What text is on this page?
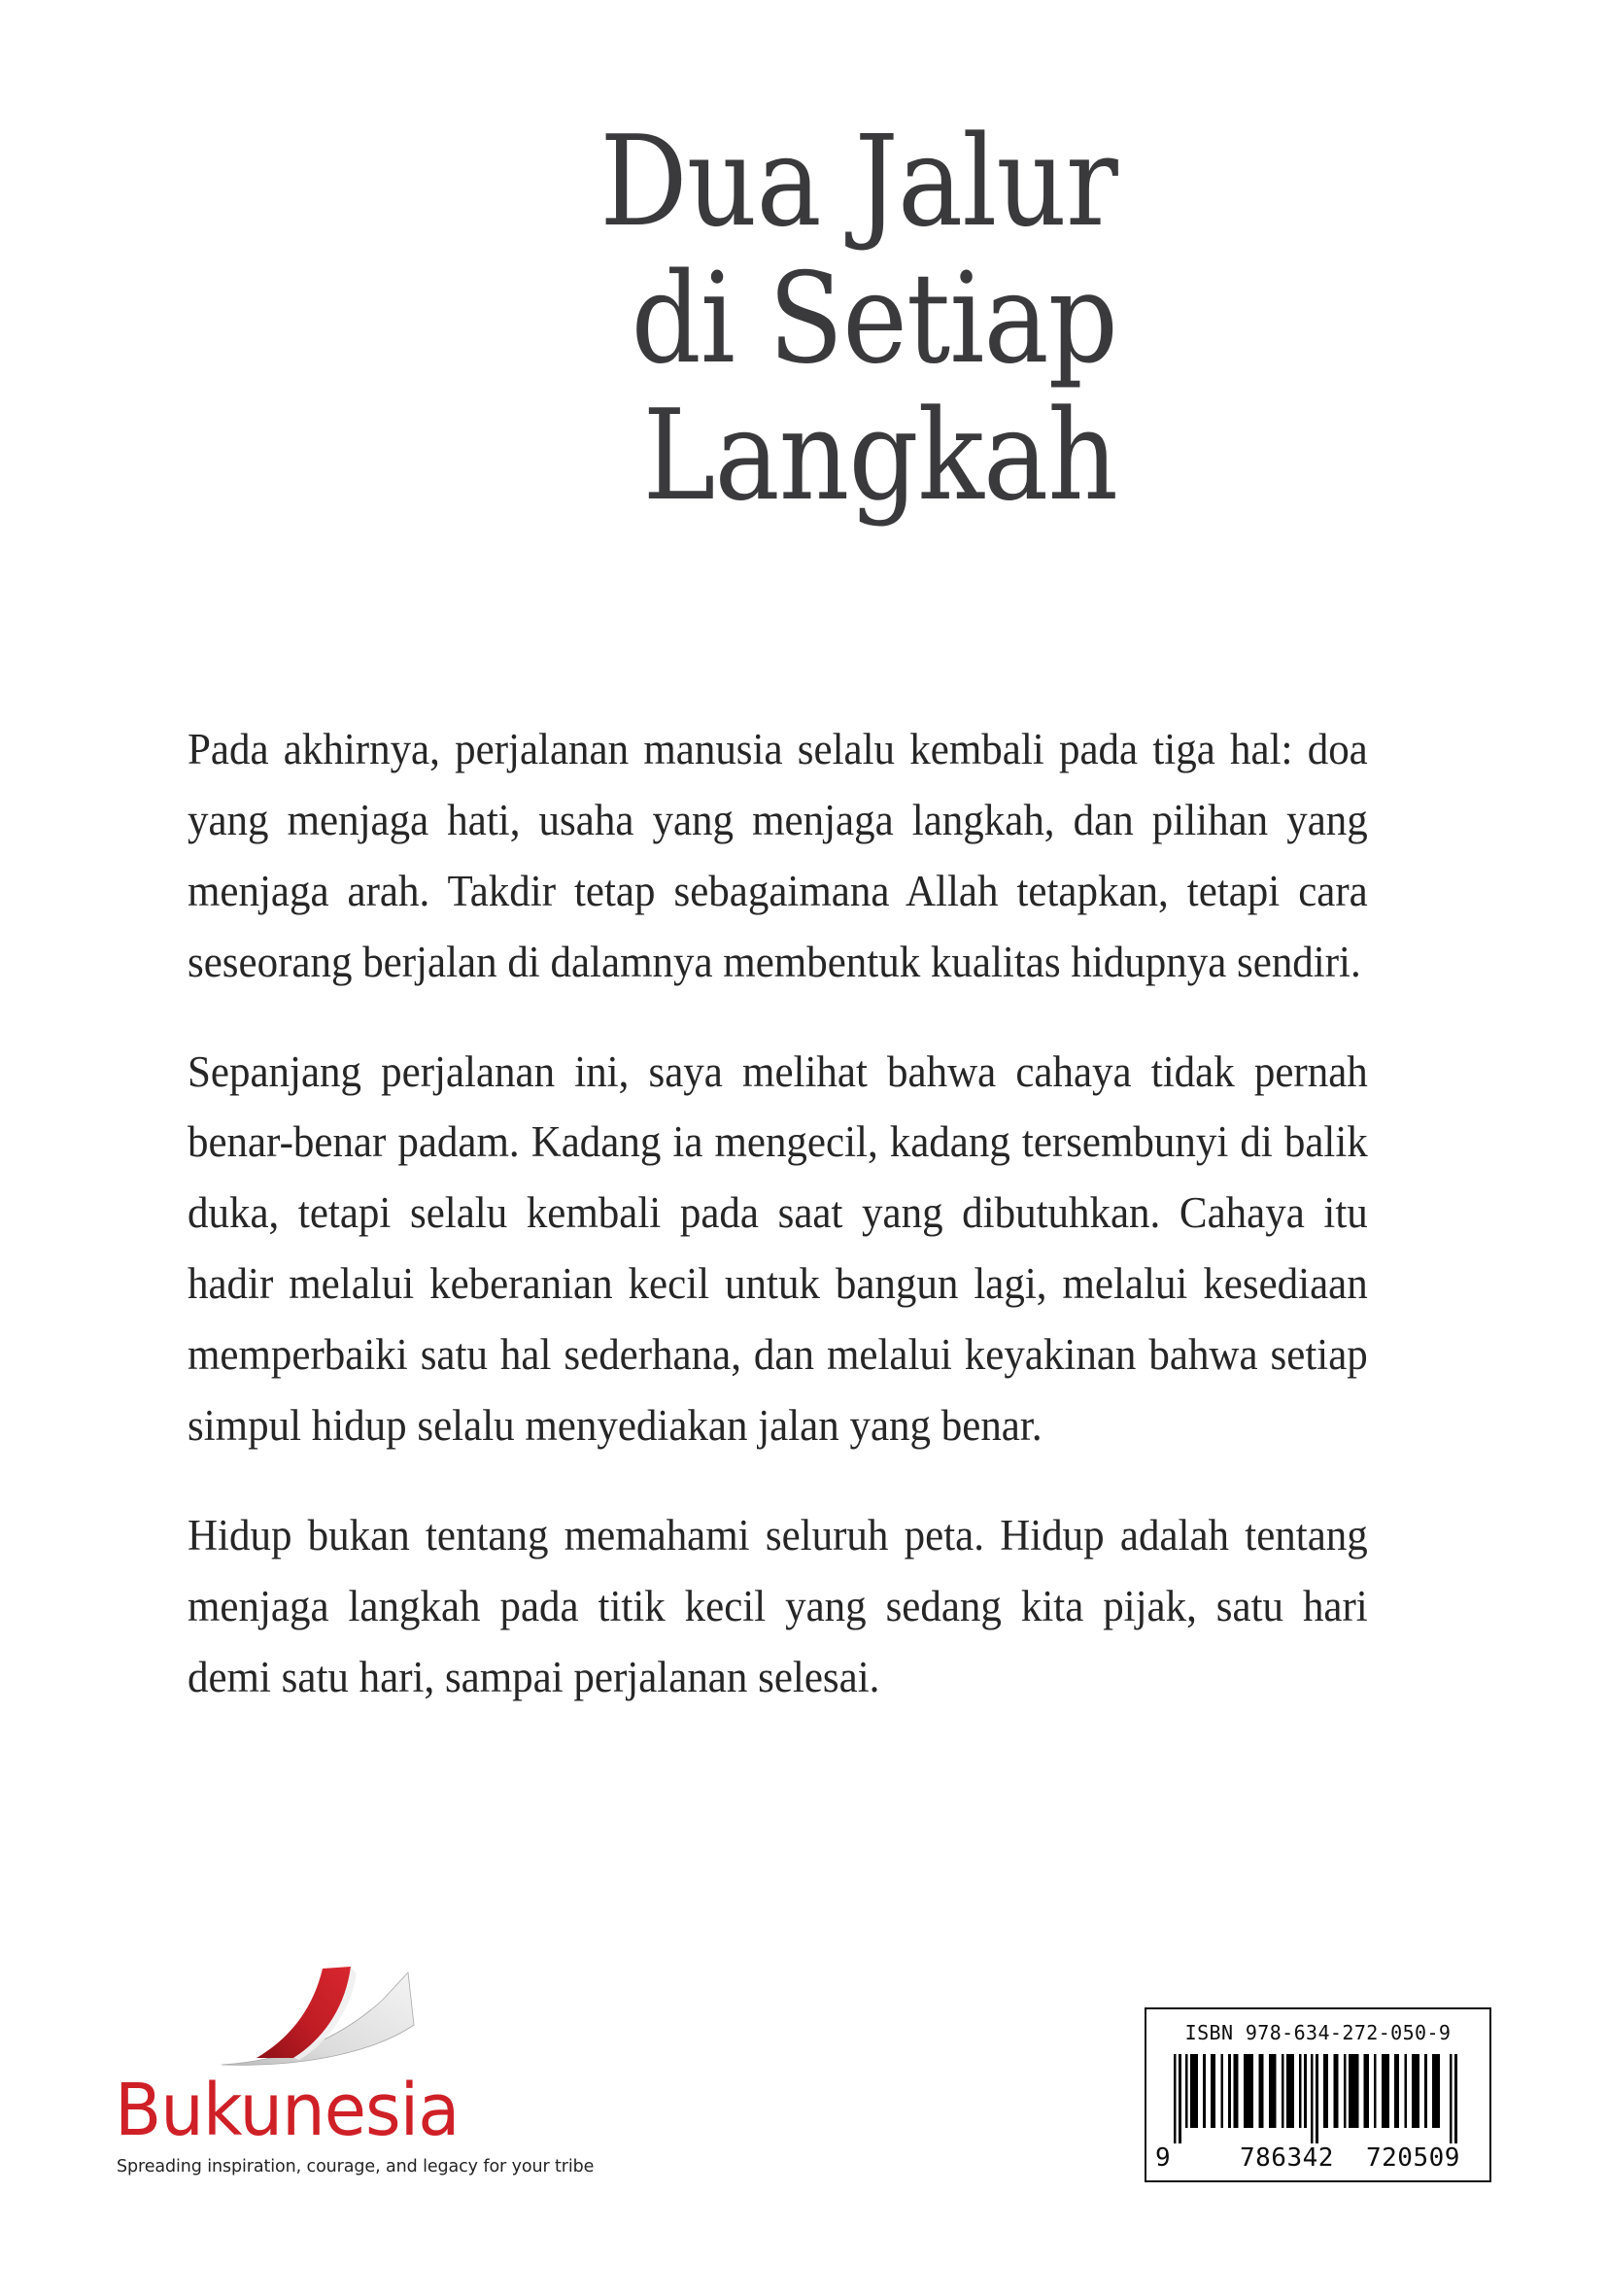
Dua Jalur
di Setiap
Langkah

Pada akhirnya, perjalanan manusia selalu kembali pada tiga hal: doa yang menjaga hati, usaha yang menjaga langkah, dan pilihan yang menjaga arah. Takdir tetap sebagaimana Allah tetapkan, tetapi cara seseorang berjalan di dalamnya membentuk kualitas hidupnya sendiri.

Sepanjang perjalanan ini, saya melihat bahwa cahaya tidak pernah benar-benar padam. Kadang ia mengecil, kadang tersembunyi di balik duka, tetapi selalu kembali pada saat yang dibutuhkan. Cahaya itu hadir melalui keberanian kecil untuk bangun lagi, melalui kesediaan memperbaiki satu hal sederhana, dan melalui keyakinan bahwa setiap simpul hidup selalu menyediakan jalan yang benar.

Hidup bukan tentang memahami seluruh peta. Hidup adalah tentang menjaga langkah pada titik kecil yang sedang kita pijak, satu hari demi satu hari, sampai perjalanan selesai.

Bukunesia
Spreading inspiration, courage, and legacy for your tribe
ISBN 978-634-272-050-9
9	786342 720509
